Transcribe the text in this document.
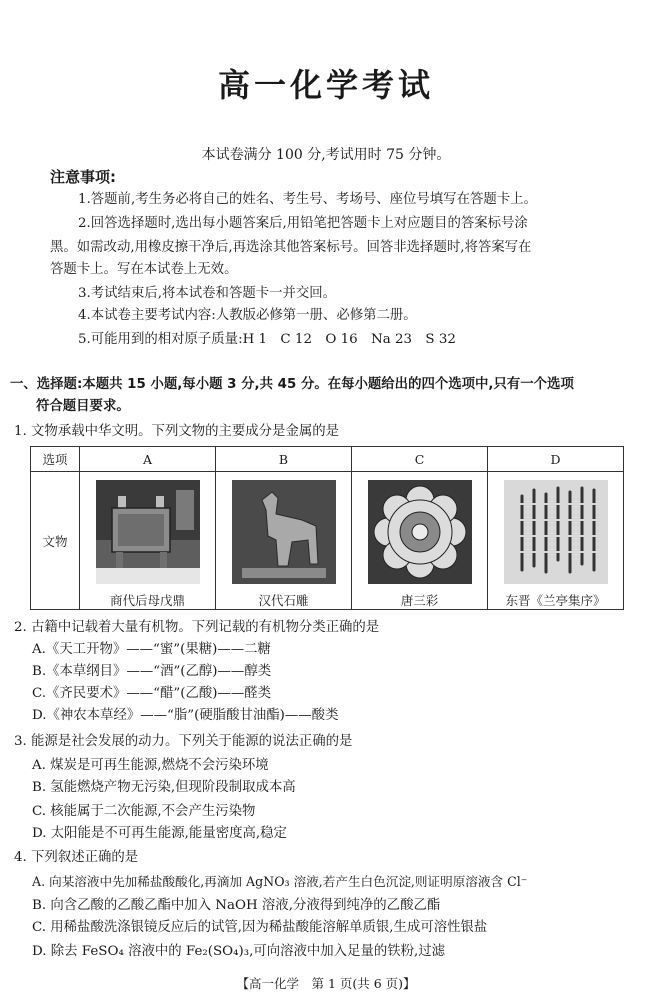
高一化学考试
本试卷满分 100 分,考试用时 75 分钟。
注意事项:
1.答题前,考生务必将自己的姓名、考生号、考场号、座位号填写在答题卡上。
2.回答选择题时,选出每小题答案后,用铅笔把答题卡上对应题目的答案标号涂
黑。如需改动,用橡皮擦干净后,再选涂其他答案标号。回答非选择题时,将答案写在
答题卡上。写在本试卷上无效。
3.考试结束后,将本试卷和答题卡一并交回。
4.本试卷主要考试内容:人教版必修第一册、必修第二册。
5.可能用到的相对原子质量:H 1　C 12　O 16　Na 23　S 32
一、选择题:本题共 15 小题,每小题 3 分,共 45 分。在每小题给出的四个选项中,只有一个选项
符合题目要求。
1. 文物承载中华文明。下列文物的主要成分是金属的是
选项	A	B	C	D
文物	商代后母戊鼎	汉代石雕	唐三彩	东晋《兰亭集序》
2. 古籍中记载着大量有机物。下列记载的有机物分类正确的是
A.《天工开物》——“蜜”(果糖)——二糖
B.《本草纲目》——“酒”(乙醇)——醇类
C.《齐民要术》——“醋”(乙酸)——醛类
D.《神农本草经》——“脂”(硬脂酸甘油酯)——酸类
3. 能源是社会发展的动力。下列关于能源的说法正确的是
A. 煤炭是可再生能源,燃烧不会污染环境
B. 氢能燃烧产物无污染,但现阶段制取成本高
C. 核能属于二次能源,不会产生污染物
D. 太阳能是不可再生能源,能量密度高,稳定
4. 下列叙述正确的是
A. 向某溶液中先加稀盐酸酸化,再滴加 AgNO₃ 溶液,若产生白色沉淀,则证明原溶液含 Cl⁻
B. 向含乙酸的乙酸乙酯中加入 NaOH 溶液,分液得到纯净的乙酸乙酯
C. 用稀盐酸洗涤银镜反应后的试管,因为稀盐酸能溶解单质银,生成可溶性银盐
D. 除去 FeSO₄ 溶液中的 Fe₂(SO₄)₃,可向溶液中加入足量的铁粉,过滤
【高一化学　第 1 页(共 6 页)】
